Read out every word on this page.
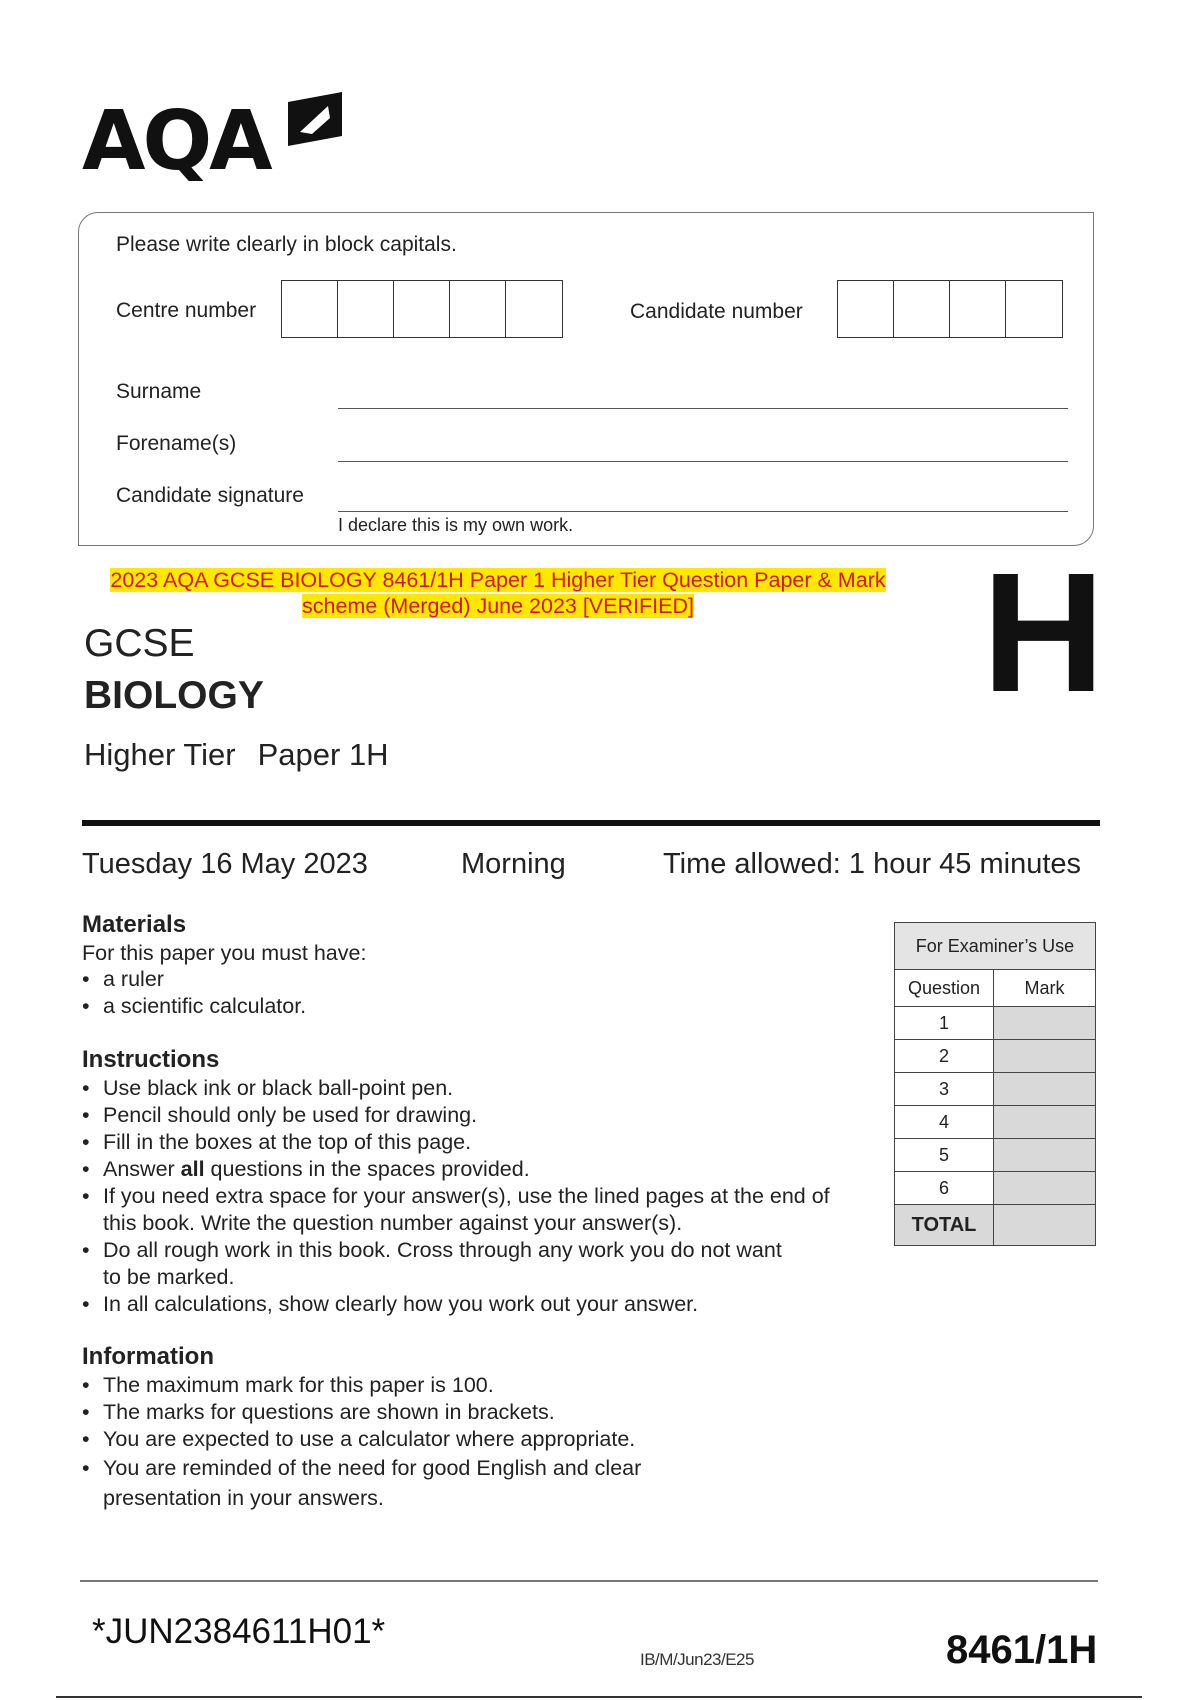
AQA
Please write clearly in block capitals.
Centre number	Candidate number
Surname
Forename(s)
Candidate signature
I declare this is my own work.
2023 AQA GCSE BIOLOGY 8461/1H Paper 1 Higher Tier Question Paper & Mark
scheme (Merged) June 2023 [VERIFIED]
GCSE
BIOLOGY
Higher Tier Paper 1H
H
Tuesday 16 May 2023	Morning	Time allowed: 1 hour 45 minutes
Materials
For this paper you must have:
• a ruler
• a scientific calculator.
Instructions
• Use black ink or black ball-point pen.
• Pencil should only be used for drawing.
• Fill in the boxes at the top of this page.
• Answer all questions in the spaces provided.
• If you need extra space for your answer(s), use the lined pages at the end of
this book. Write the question number against your answer(s).
• Do all rough work in this book. Cross through any work you do not want
to be marked.
• In all calculations, show clearly how you work out your answer.
Information
• The maximum mark for this paper is 100.
• The marks for questions are shown in brackets.
• You are expected to use a calculator where appropriate.
• You are reminded of the need for good English and clear
presentation in your answers.
For Examiner’s Use	
Question	Mark
1	
2	
3	
4	
5	
6	
TOTAL	
*JUN2384611H01*
IB/M/Jun23/E25	8461/1H
